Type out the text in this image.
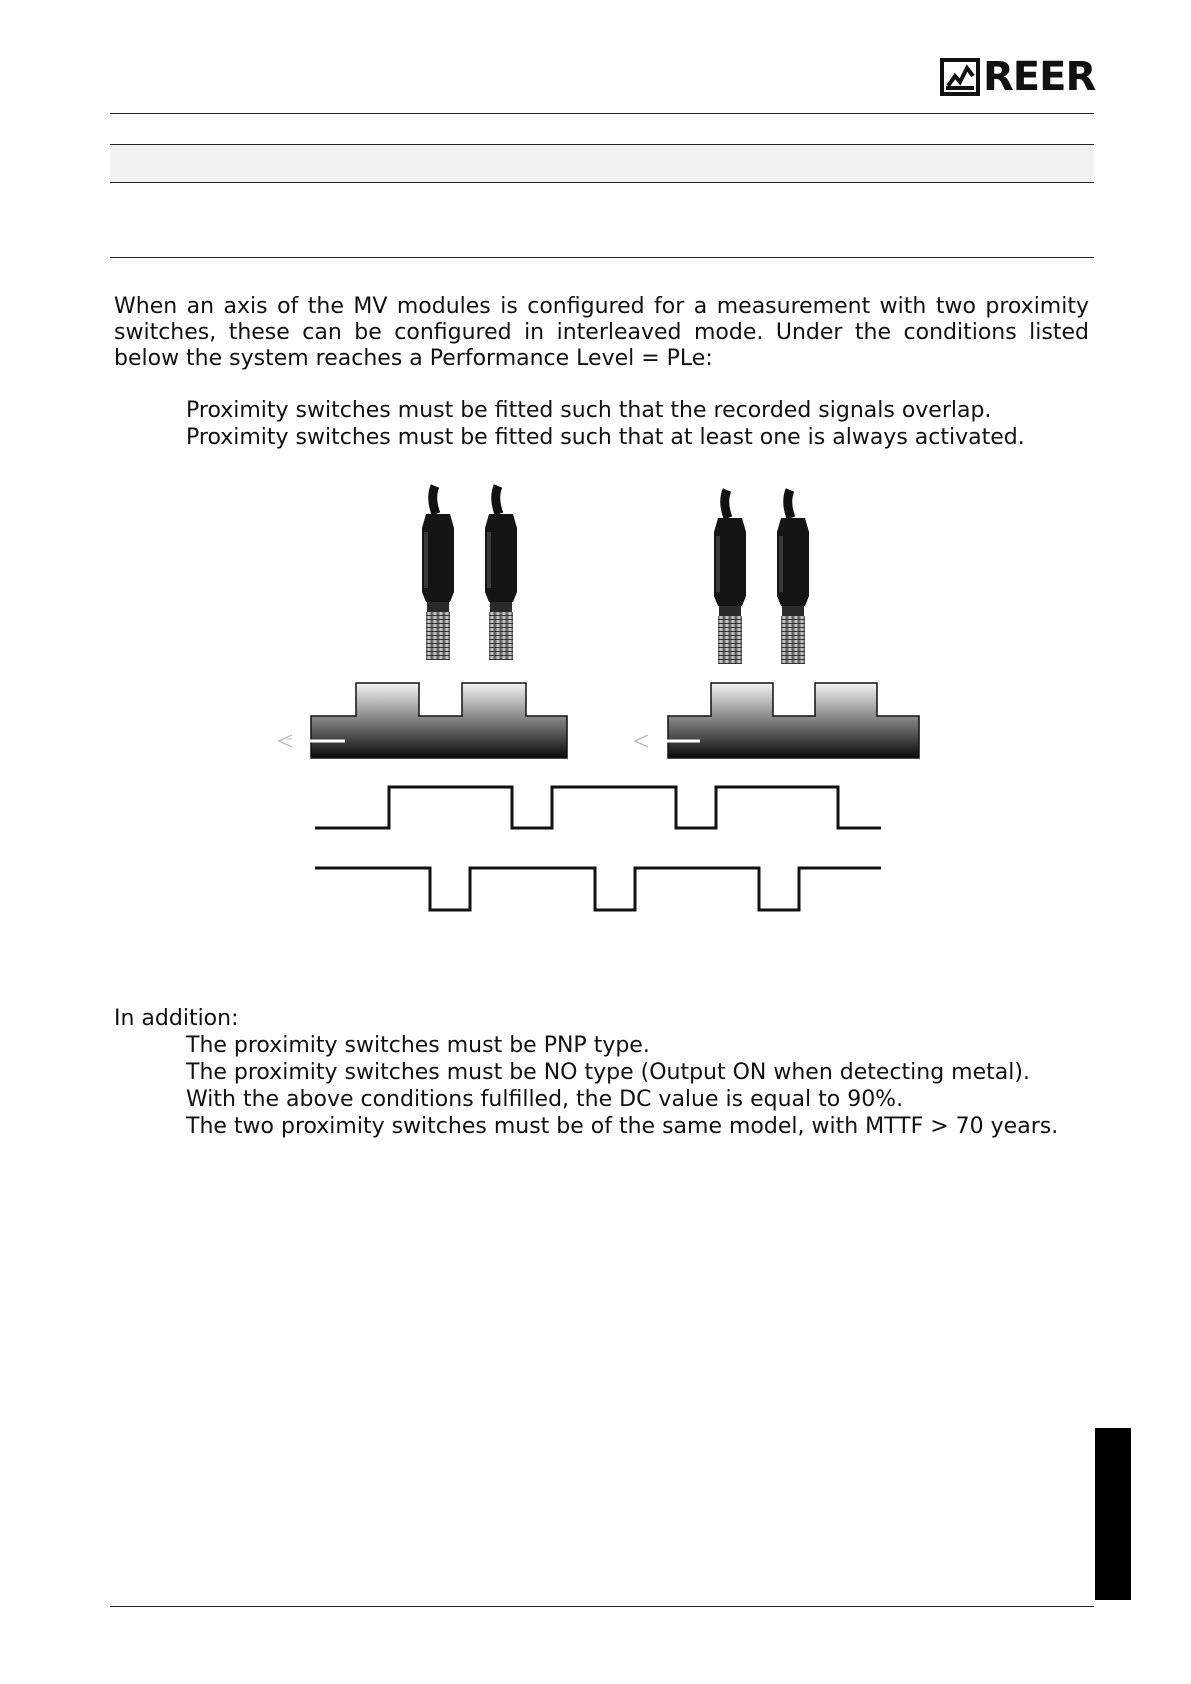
REER
When an axis of the MV modules is configured for a measurement with two proximity switches, these can be configured in interleaved mode. Under the conditions listed below the system reaches a Performance Level = PLe:
Proximity switches must be fitted such that the recorded signals overlap.
Proximity switches must be fitted such that at least one is always activated.
In addition:
The proximity switches must be PNP type.
The proximity switches must be NO type (Output ON when detecting metal).
With the above conditions fulfilled, the DC value is equal to 90%.
The two proximity switches must be of the same model, with MTTF > 70 years.
